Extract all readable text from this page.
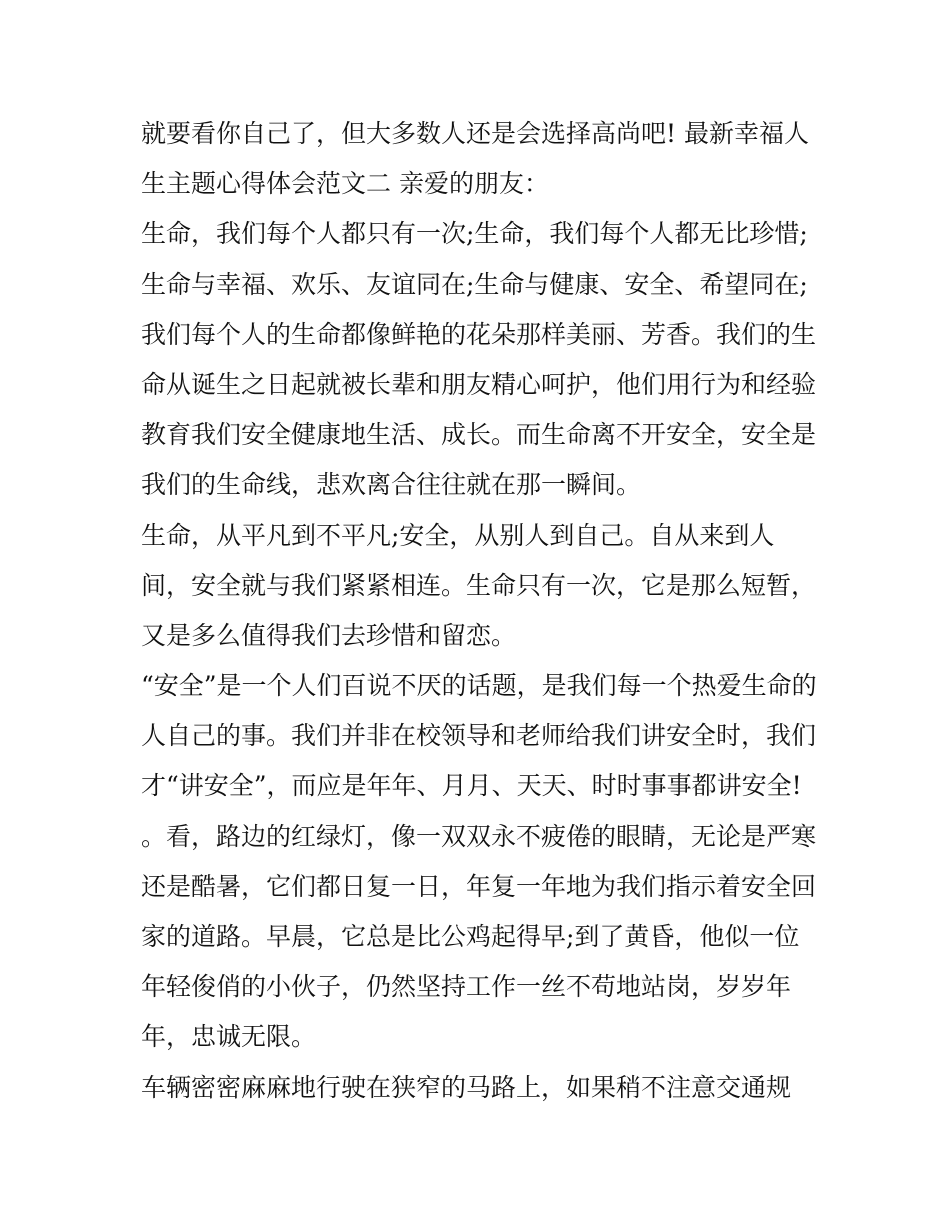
就要看你自己了，但大多数人还是会选择高尚吧! 最新幸福人
生主题心得体会范文二 亲爱的朋友：
生命，我们每个人都只有一次;生命，我们每个人都无比珍惜;
生命与幸福、欢乐、友谊同在;生命与健康、安全、希望同在;
我们每个人的生命都像鲜艳的花朵那样美丽、芳香。我们的生
命从诞生之日起就被长辈和朋友精心呵护，他们用行为和经验
教育我们安全健康地生活、成长。而生命离不开安全，安全是
我们的生命线，悲欢离合往往就在那一瞬间。
生命，从平凡到不平凡;安全，从别人到自己。自从来到人
间，安全就与我们紧紧相连。生命只有一次，它是那么短暂，
又是多么值得我们去珍惜和留恋。
“安全”是一个人们百说不厌的话题，是我们每一个热爱生命的
人自己的事。我们并非在校领导和老师给我们讲安全时，我们
才“讲安全”，而应是年年、月月、天天、时时事事都讲安全!
。看，路边的红绿灯，像一双双永不疲倦的眼睛，无论是严寒
还是酷暑，它们都日复一日，年复一年地为我们指示着安全回
家的道路。早晨，它总是比公鸡起得早;到了黄昏，他似一位
年轻俊俏的小伙子，仍然坚持工作一丝不苟地站岗，岁岁年
年，忠诚无限。
车辆密密麻麻地行驶在狭窄的马路上，如果稍不注意交通规
